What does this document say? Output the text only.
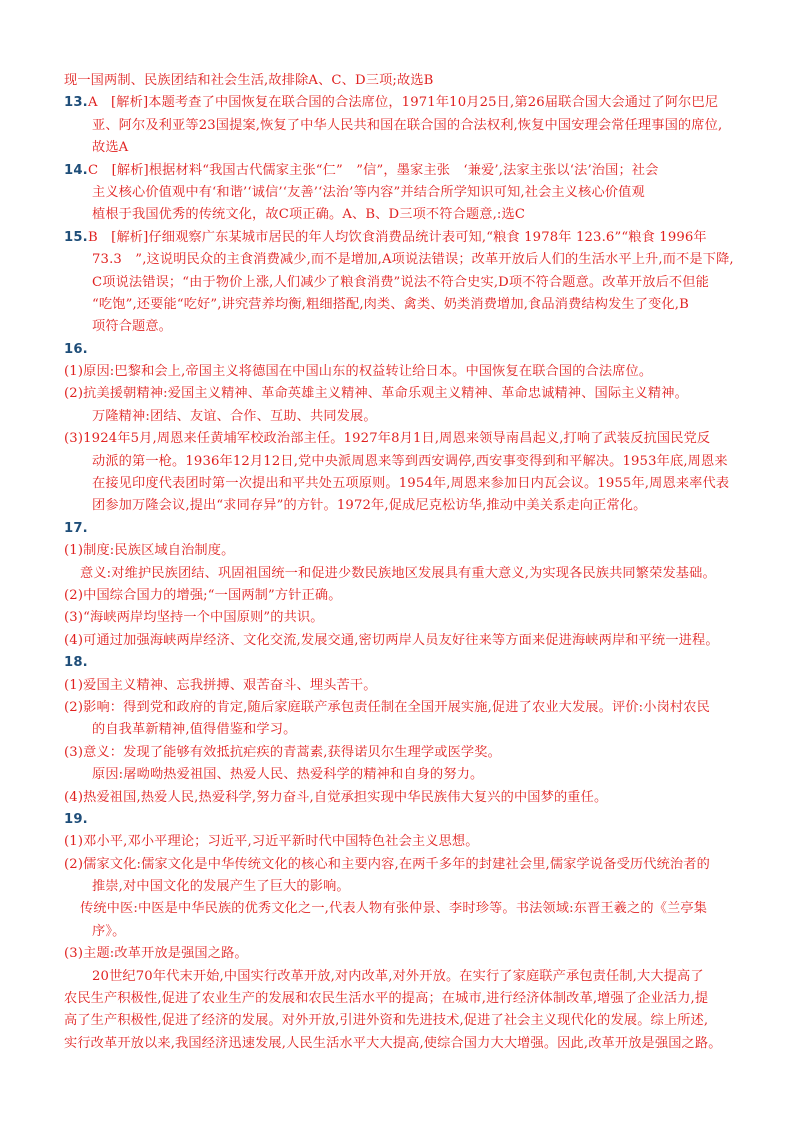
现一国两制、民族团结和社会生活,故排除A、C、D三项;故选B
13.A　[解析]本题考查了中国恢复在联合国的合法席位，1971年10月25日,第26届联合国大会通过了阿尔巴尼
亚、阿尔及利亚等23国提案,恢复了中华人民共和国在联合国的合法权利,恢复中国安理会常任理事国的席位,
故选A
14.C　[解析]根据材料“我国古代儒家主张“仁”　”信”，墨家主张　‘兼爱’,法家主张以‘法’治国；社会
主义核心价值观中有‘和谐’‘诚信’‘友善’‘法治’等内容”并结合所学知识可知,社会主义核心价值观
植根于我国优秀的传统文化，故C项正确。A、B、D三项不符合题意,:选C
15.B　[解析]仔细观察广东某城市居民的年人均饮食消费品统计表可知,“粮食 1978年 123.6”“粮食 1996年
73.3　”,这说明民众的主食消费减少,而不是增加,A项说法错误；改革开放后人们的生活水平上升,而不是下降,
C项说法错误；“由于物价上涨,人们减少了粮食消费”说法不符合史实,D项不符合题意。改革开放后不但能
“吃饱”,还要能“吃好”,讲究营养均衡,粗细搭配,肉类、禽类、奶类消费增加,食品消费结构发生了变化,B
项符合题意。
16.
(1)原因:巴黎和会上,帝国主义将德国在中国山东的权益转让给日本。中国恢复在联合国的合法席位。
(2)抗美援朝精神:爱国主义精神、革命英雄主义精神、革命乐观主义精神、革命忠诚精神、国际主义精神。
万隆精神:团结、友谊、合作、互助、共同发展。
(3)1924年5月,周恩来任黄埔军校政治部主任。1927年8月1日,周恩来领导南昌起义,打响了武装反抗国民党反
动派的第一枪。1936年12月12日,党中央派周恩来等到西安调停,西安事变得到和平解决。1953年底,周恩来
在接见印度代表团时第一次提出和平共处五项原则。1954年,周恩来参加日内瓦会议。1955年,周恩来率代表
团参加万隆会议,提出“求同存异”的方针。1972年,促成尼克松访华,推动中美关系走向正常化。
17.
(1)制度:民族区域自治制度。
意义:对维护民族团结、巩固祖国统一和促进少数民族地区发展具有重大意义,为实现各民族共同繁荣发基础。
(2)中国综合国力的增强;“一国两制”方针正确。
(3)“海峡两岸均坚持一个中国原则”的共识。
(4)可通过加强海峡两岸经济、文化交流,发展交通,密切两岸人员友好往来等方面来促进海峡两岸和平统一进程。
18.
(1)爱国主义精神、忘我拼搏、艰苦奋斗、埋头苦干。
(2)影响：得到党和政府的肯定,随后家庭联产承包责任制在全国开展实施,促进了农业大发展。评价:小岗村农民
的自我革新精神,值得借鉴和学习。
(3)意义：发现了能够有效抵抗疟疾的青蒿素,获得诺贝尔生理学或医学奖。
原因:屠呦呦热爱祖国、热爱人民、热爱科学的精神和自身的努力。
(4)热爱祖国,热爱人民,热爱科学,努力奋斗,自觉承担实现中华民族伟大复兴的中国梦的重任。
19.
(1)邓小平,邓小平理论；习近平,习近平新时代中国特色社会主义思想。
(2)儒家文化:儒家文化是中华传统文化的核心和主要内容,在两千多年的封建社会里,儒家学说备受历代统治者的
推崇,对中国文化的发展产生了巨大的影响。
传统中医:中医是中华民族的优秀文化之一,代表人物有张仲景、李时珍等。书法领域:东晋王羲之的《兰亭集
序》。
(3)主题:改革开放是强国之路。
20世纪70年代末开始,中国实行改革开放,对内改革,对外开放。在实行了家庭联产承包责任制,大大提高了
农民生产积极性,促进了农业生产的发展和农民生活水平的提高；在城市,进行经济体制改革,增强了企业活力,提
高了生产积极性,促进了经济的发展。对外开放,引进外资和先进技术,促进了社会主义现代化的发展。综上所述,
实行改革开放以来,我国经济迅速发展,人民生活水平大大提高,使综合国力大大增强。因此,改革开放是强国之路。
